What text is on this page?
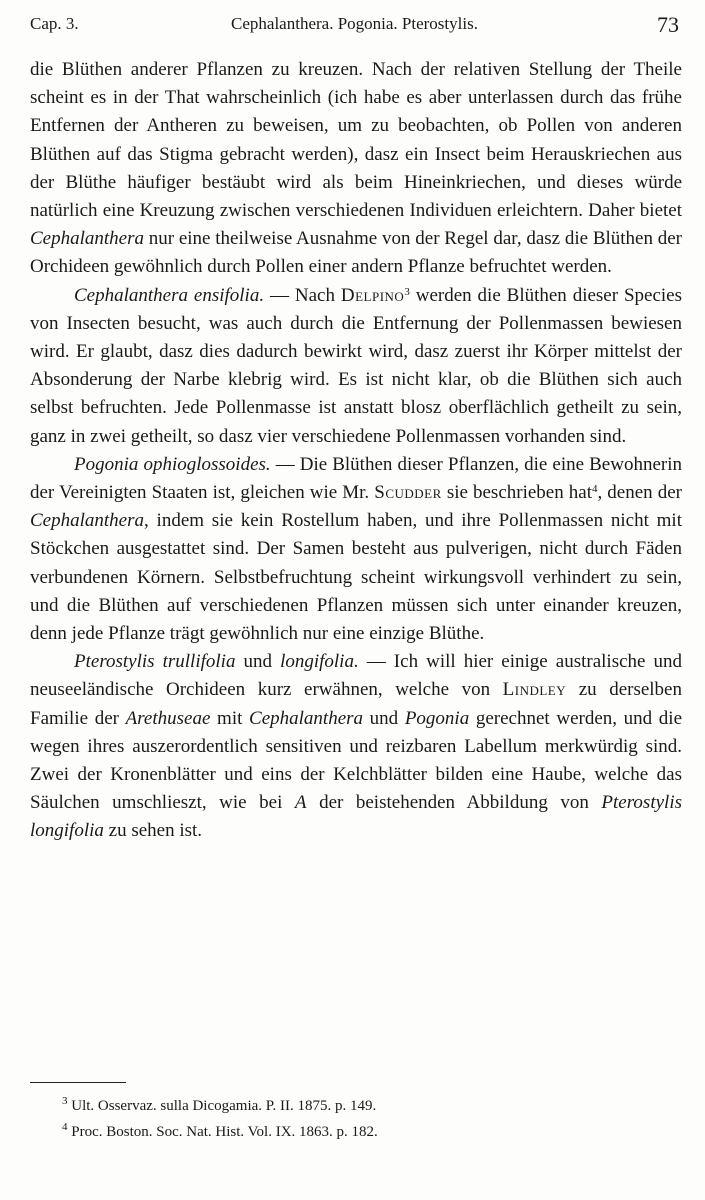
Cap. 3.	Cephalanthera. Pogonia. Pterostylis.	73

die Blüthen anderer Pflanzen zu kreuzen. Nach der relativen Stellung der Theile scheint es in der That wahrscheinlich (ich habe es aber unterlassen durch das frühe Entfernen der Antheren zu beweisen, um zu beobachten, ob Pollen von anderen Blüthen auf das Stigma gebracht werden), dasz ein Insect beim Herauskriechen aus der Blüthe häufiger bestäubt wird als beim Hineinkriechen, und dieses würde natürlich eine Kreuzung zwischen verschiedenen Individuen erleichtern. Daher bietet Cephalanthera nur eine theilweise Ausnahme von der Regel dar, dasz die Blüthen der Orchideen gewöhnlich durch Pollen einer andern Pflanze befruchtet werden.

Cephalanthera ensifolia. — Nach Delpino$^3$ werden die Blüthen dieser Species von Insecten besucht, was auch durch die Entfernung der Pollenmassen bewiesen wird. Er glaubt, dasz dies dadurch bewirkt wird, dasz zuerst ihr Körper mittelst der Absonderung der Narbe klebrig wird. Es ist nicht klar, ob die Blüthen sich auch selbst befruchten. Jede Pollenmasse ist anstatt blosz oberflächlich getheilt zu sein, ganz in zwei getheilt, so dasz vier verschiedene Pollenmassen vorhanden sind.

Pogonia ophioglossoides. — Die Blüthen dieser Pflanzen, die eine Bewohnerin der Vereinigten Staaten ist, gleichen wie Mr. Scudder sie beschrieben hat$^4$, denen der Cephalanthera, indem sie kein Rostellum haben, und ihre Pollenmassen nicht mit Stöckchen ausgestattet sind. Der Samen besteht aus pulverigen, nicht durch Fäden verbundenen Körnern. Selbstbefruchtung scheint wirkungsvoll verhindert zu sein, und die Blüthen auf verschiedenen Pflanzen müssen sich unter einander kreuzen, denn jede Pflanze trägt gewöhnlich nur eine einzige Blüthe.

Pterostylis trullifolia und longifolia. — Ich will hier einige australische und neuseeländische Orchideen kurz erwähnen, welche von Lindley zu derselben Familie der Arethuseae mit Cephalanthera und Pogonia gerechnet werden, und die wegen ihres auszerordentlich sensitiven und reizbaren Labellum merkwürdig sind. Zwei der Kronenblätter und eins der Kelchblätter bilden eine Haube, welche das Säulchen umschlieszt, wie bei A der beistehenden Abbildung von Pterostylis longifolia zu sehen ist.

$^3$ Ult. Osservaz. sulla Dicogamia. P. II. 1875. p. 149.
$^4$ Proc. Boston. Soc. Nat. Hist. Vol. IX. 1863. p. 182.
